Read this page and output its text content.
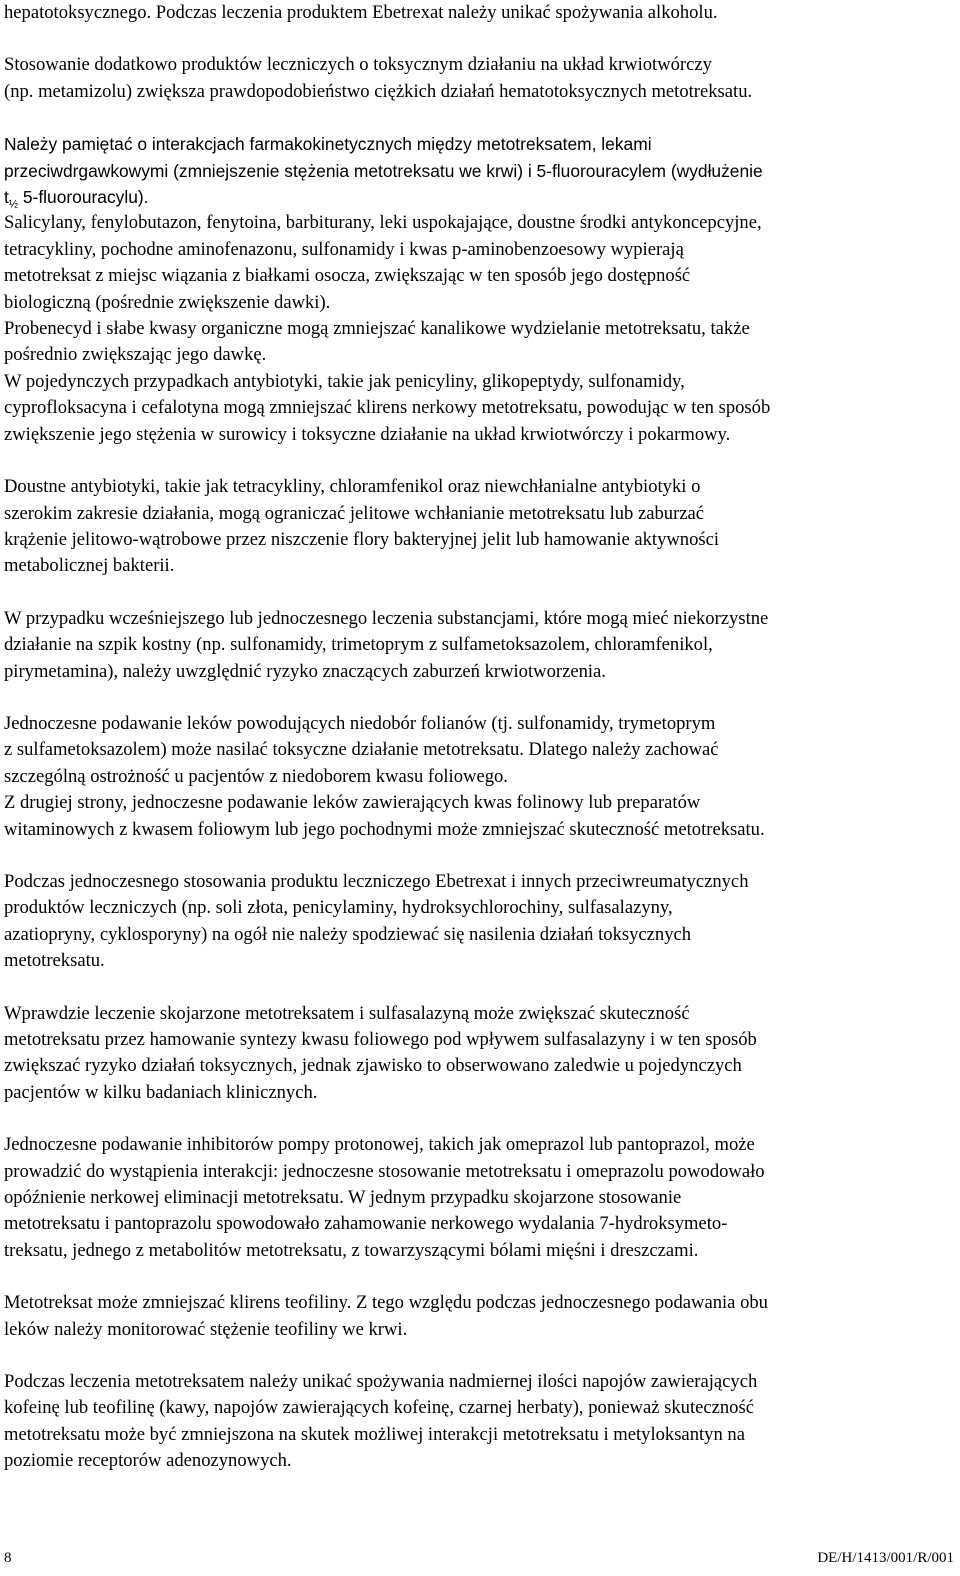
hepatotoksycznego. Podczas leczenia produktem Ebetrexat należy unikać spożywania alkoholu.

Stosowanie dodatkowo produktów leczniczych o toksycznym działaniu na układ krwiotwórczy

(np. metamizolu) zwiększa prawdopodobieństwo ciężkich działań hematotoksycznych metotreksatu.

Należy pamiętać o interakcjach farmakokinetycznych między metotreksatem, lekami

przeciwdrgawkowymi (zmniejszenie stężenia metotreksatu we krwi) i 5-fluorouracylem (wydłużenie

$t_{\frac{1}{2}}$ 5-fluorouracylu).

Salicylany, fenylobutazon, fenytoina, barbiturany, leki uspokajające, doustne środki antykoncepcyjne,

tetracykliny, pochodne aminofenazonu, sulfonamidy i kwas p-aminobenzoesowy wypierają

metotreksat z miejsc wiązania z białkami osocza, zwiększając w ten sposób jego dostępność

biologiczną (pośrednie zwiększenie dawki).

Probenecyd i słabe kwasy organiczne mogą zmniejszać kanalikowe wydzielanie metotreksatu, także

pośrednio zwiększając jego dawkę.

W pojedynczych przypadkach antybiotyki, takie jak penicyliny, glikopeptydy, sulfonamidy,

cyprofloksacyna i cefalotyna mogą zmniejszać klirens nerkowy metotreksatu, powodując w ten sposób

zwiększenie jego stężenia w surowicy i toksyczne działanie na układ krwiotwórczy i pokarmowy.

Doustne antybiotyki, takie jak tetracykliny, chloramfenikol oraz niewchłanialne antybiotyki o

szerokim zakresie działania, mogą ograniczać jelitowe wchłanianie metotreksatu lub zaburzać

krążenie jelitowo-wątrobowe przez niszczenie flory bakteryjnej jelit lub hamowanie aktywności

metabolicznej bakterii.

W przypadku wcześniejszego lub jednoczesnego leczenia substancjami, które mogą mieć niekorzystne

działanie na szpik kostny (np. sulfonamidy, trimetoprym z sulfametoksazolem, chloramfenikol,

pirymetamina), należy uwzględnić ryzyko znaczących zaburzeń krwiotworzenia.

Jednoczesne podawanie leków powodujących niedobór folianów (tj. sulfonamidy, trymetoprym

z sulfametoksazolem) może nasilać toksyczne działanie metotreksatu. Dlatego należy zachować

szczególną ostrożność u pacjentów z niedoborem kwasu foliowego.

Z drugiej strony, jednoczesne podawanie leków zawierających kwas folinowy lub preparatów

witaminowych z kwasem foliowym lub jego pochodnymi może zmniejszać skuteczność metotreksatu.

Podczas jednoczesnego stosowania produktu leczniczego Ebetrexat i innych przeciwreumatycznych

produktów leczniczych (np. soli złota, penicylaminy, hydroksychlorochiny, sulfasalazyny,

azatiopryny, cyklosporyny) na ogół nie należy spodziewać się nasilenia działań toksycznych

metotreksatu.

Wprawdzie leczenie skojarzone metotreksatem i sulfasalazyną może zwiększać skuteczność

metotreksatu przez hamowanie syntezy kwasu foliowego pod wpływem sulfasalazyny i w ten sposób

zwiększać ryzyko działań toksycznych, jednak zjawisko to obserwowano zaledwie u pojedynczych

pacjentów w kilku badaniach klinicznych.

Jednoczesne podawanie inhibitorów pompy protonowej, takich jak omeprazol lub pantoprazol, może

prowadzić do wystąpienia interakcji: jednoczesne stosowanie metotreksatu i omeprazolu powodowało

opóźnienie nerkowej eliminacji metotreksatu. W jednym przypadku skojarzone stosowanie

metotreksatu i pantoprazolu spowodowało zahamowanie nerkowego wydalania 7-hydroksymeto-

treksatu, jednego z metabolitów metotreksatu, z towarzyszącymi bólami mięśni i dreszczami.

Metotreksat może zmniejszać klirens teofiliny. Z tego względu podczas jednoczesnego podawania obu

leków należy monitorować stężenie teofiliny we krwi.

Podczas leczenia metotreksatem należy unikać spożywania nadmiernej ilości napojów zawierających

kofeinę lub teofilinę (kawy, napojów zawierających kofeinę, czarnej herbaty), ponieważ skuteczność

metotreksatu może być zmniejszona na skutek możliwej interakcji metotreksatu i metyloksantyn na

poziomie receptorów adenozynowych.

8	DE/H/1413/001/R/001
